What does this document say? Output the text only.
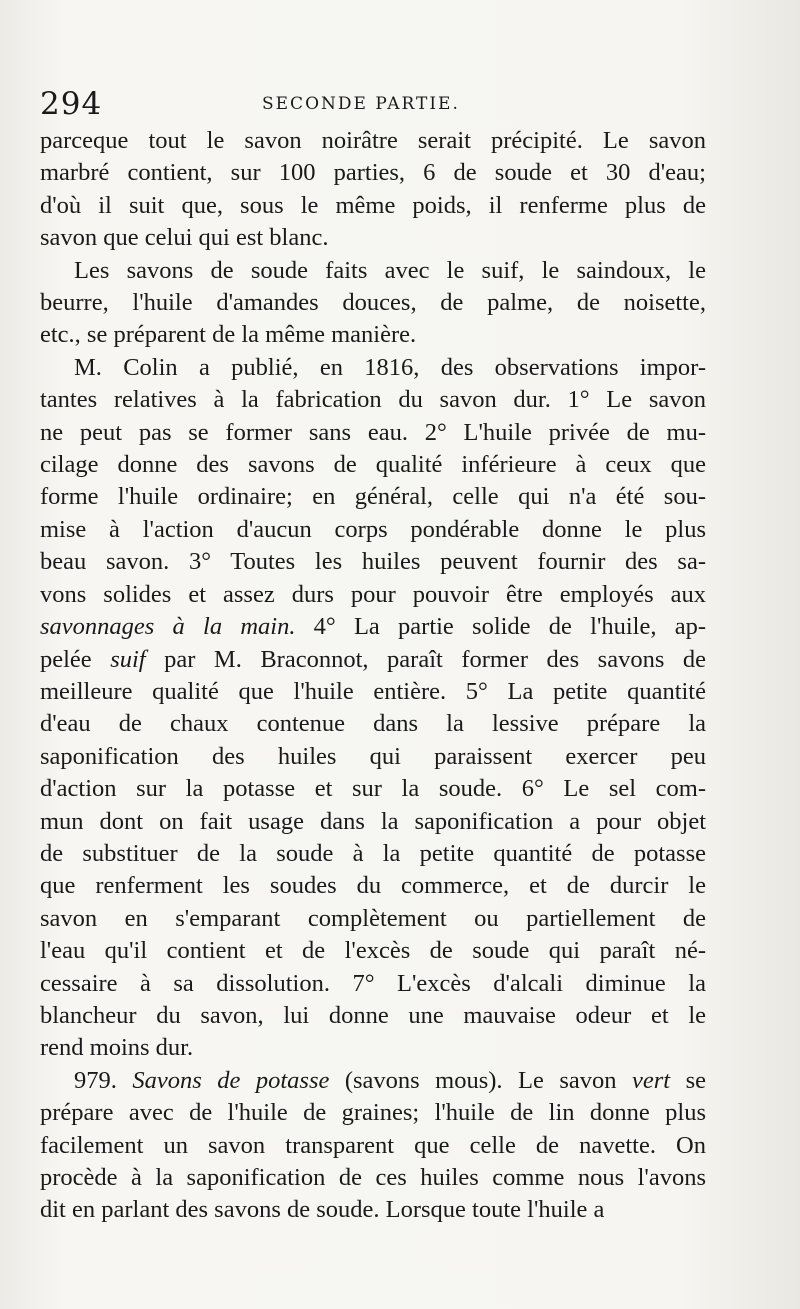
294	SECONDE PARTIE.

parceque tout le savon noirâtre serait précipité. Le savon

marbré contient, sur 100 parties, 6 de soude et 30 d'eau;

d'où il suit que, sous le même poids, il renferme plus de

savon que celui qui est blanc.

Les savons de soude faits avec le suif, le saindoux, le

beurre, l'huile d'amandes douces, de palme, de noisette,

etc., se préparent de la même manière.

M. Colin a publié, en 1816, des observations impor-

tantes relatives à la fabrication du savon dur. 1° Le savon

ne peut pas se former sans eau. 2° L'huile privée de mu-

cilage donne des savons de qualité inférieure à ceux que

forme l'huile ordinaire; en général, celle qui n'a été sou-

mise à l'action d'aucun corps pondérable donne le plus

beau savon. 3° Toutes les huiles peuvent fournir des sa-

vons solides et assez durs pour pouvoir être employés aux

savonnages à la main. 4° La partie solide de l'huile, ap-

pelée suif par M. Braconnot, paraît former des savons de

meilleure qualité que l'huile entière. 5° La petite quantité

d'eau de chaux contenue dans la lessive prépare la

saponification des huiles qui paraissent exercer peu

d'action sur la potasse et sur la soude. 6° Le sel com-

mun dont on fait usage dans la saponification a pour objet

de substituer de la soude à la petite quantité de potasse

que renferment les soudes du commerce, et de durcir le

savon en s'emparant complètement ou partiellement de

l'eau qu'il contient et de l'excès de soude qui paraît né-

cessaire à sa dissolution. 7° L'excès d'alcali diminue la

blancheur du savon, lui donne une mauvaise odeur et le

rend moins dur.

979. Savons de potasse (savons mous). Le savon vert se

prépare avec de l'huile de graines; l'huile de lin donne plus

facilement un savon transparent que celle de navette. On

procède à la saponification de ces huiles comme nous l'avons

dit en parlant des savons de soude. Lorsque toute l'huile a
